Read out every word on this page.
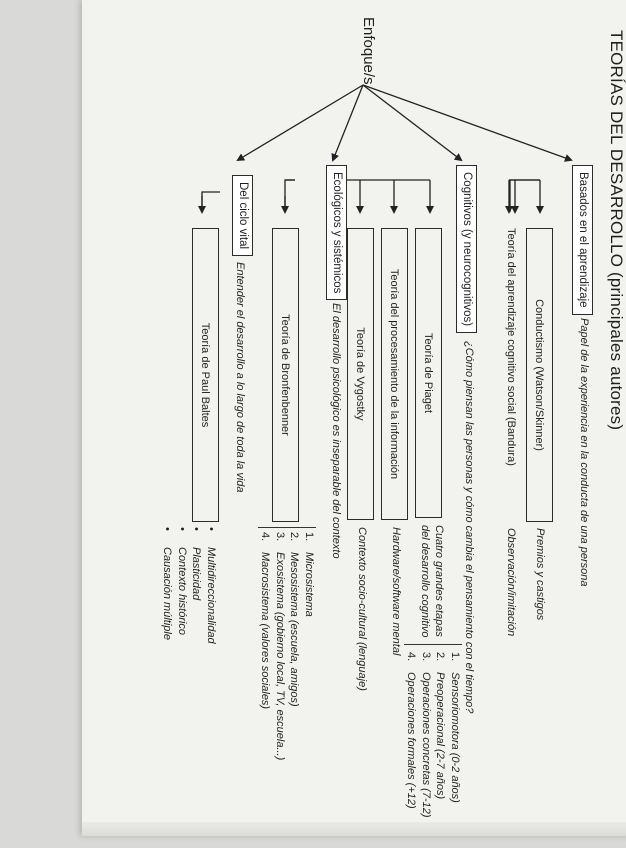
TEORÍAS DEL DESARROLLO (principales autores)
Enfoque/s
Basados en el aprendizaje
Papel de la experiencia en la conducta de una persona
Conductismo (Watson/Skinner)
Premios y castigos
Teoría del aprendizaje cognitivo social (Bandura)
Observación/imitación
Cognitivos (y neurocognitivos)
¿Cómo piensan las personas y cómo cambia el pensamiento con el tiempo?
Teoría de Piaget
Cuatro grandes etapas
del desarrollo cognitivo
1.
Sensoriomotora (0-2 años)
2.
Preoperacional (2-7 años)
3.
Operaciones concretas (7-12)
4.
Operaciones formales (+12)
Teoría del procesamiento de la información
Hardware/software mental
Teoría de Vygostky
Contexto socio-cultural (lenguaje)
Ecológicos y sistémicos
El desarrollo psicológico es inseparable del contexto
Teoría de Bronfenbenner
1.
Microsistema
2.
Mesosistema (escuela, amigos)
3.
Exosistema (gobierno local, TV, escuela...)
4.
Macrosistema (valores sociales)
Del ciclo vital
Entender el desarrollo a lo largo de toda la vida
Teoría de Paul Baltes
•
Multidireccionalidad
•
Plasticidad
•
Contexto histórico
•
Causación múltiple
